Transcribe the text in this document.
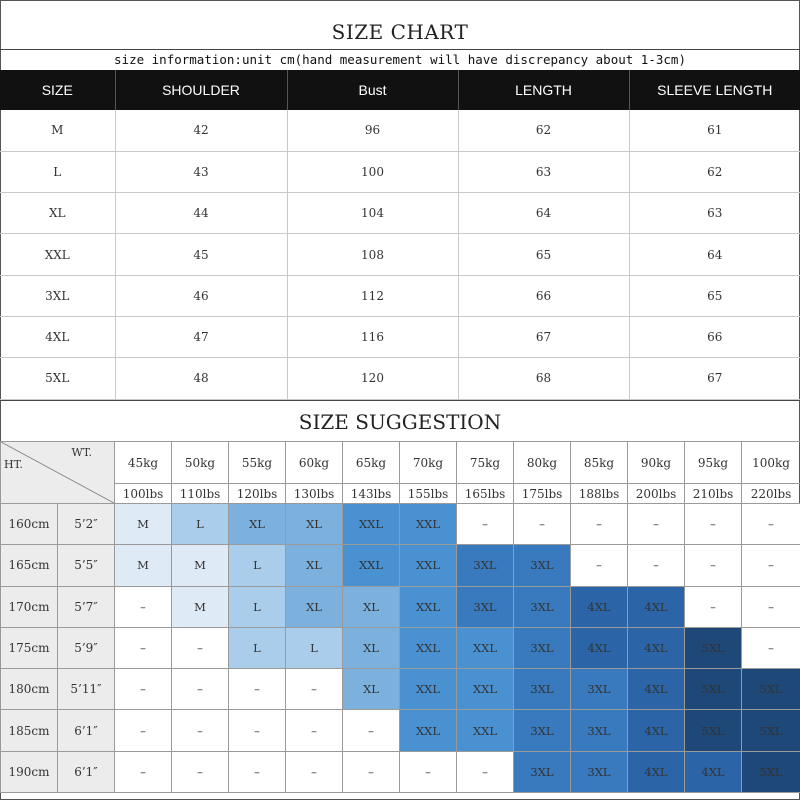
SIZE CHART
size information:unit cm(hand measurement will have discrepancy about 1-3cm)
SIZE	SHOULDER	Bust	LENGTH	SLEEVE LENGTH
M	42	96	62	61
L	43	100	63	62
XL	44	104	64	63
XXL	45	108	65	64
3XL	46	112	66	65
4XL	47	116	67	66
5XL	48	120	68	67
SIZE SUGGESTION
WT.
HT.		45kg	50kg	55kg	60kg	65kg	70kg	75kg	80kg	85kg	90kg	95kg	100kg
		100lbs	110lbs	120lbs	130lbs	143lbs	155lbs	165lbs	175lbs	188lbs	200lbs	210lbs	220lbs
160cm	5’2″	M	L	XL	XL	XXL	XXL	–	–	–	–	–	–
165cm	5’5″	M	M	L	XL	XXL	XXL	3XL	3XL	–	–	–	–
170cm	5’7″	–	M	L	XL	XL	XXL	3XL	3XL	4XL	4XL	–	–
175cm	5’9″	–	–	L	L	XL	XXL	XXL	3XL	4XL	4XL	5XL	–
180cm	5’11″	–	–	–	–	XL	XXL	XXL	3XL	3XL	4XL	5XL	5XL
185cm	6’1″	–	–	–	–	–	XXL	XXL	3XL	3XL	4XL	5XL	5XL
190cm	6’1″	–	–	–	–	–	–	–	3XL	3XL	4XL	4XL	5XL
